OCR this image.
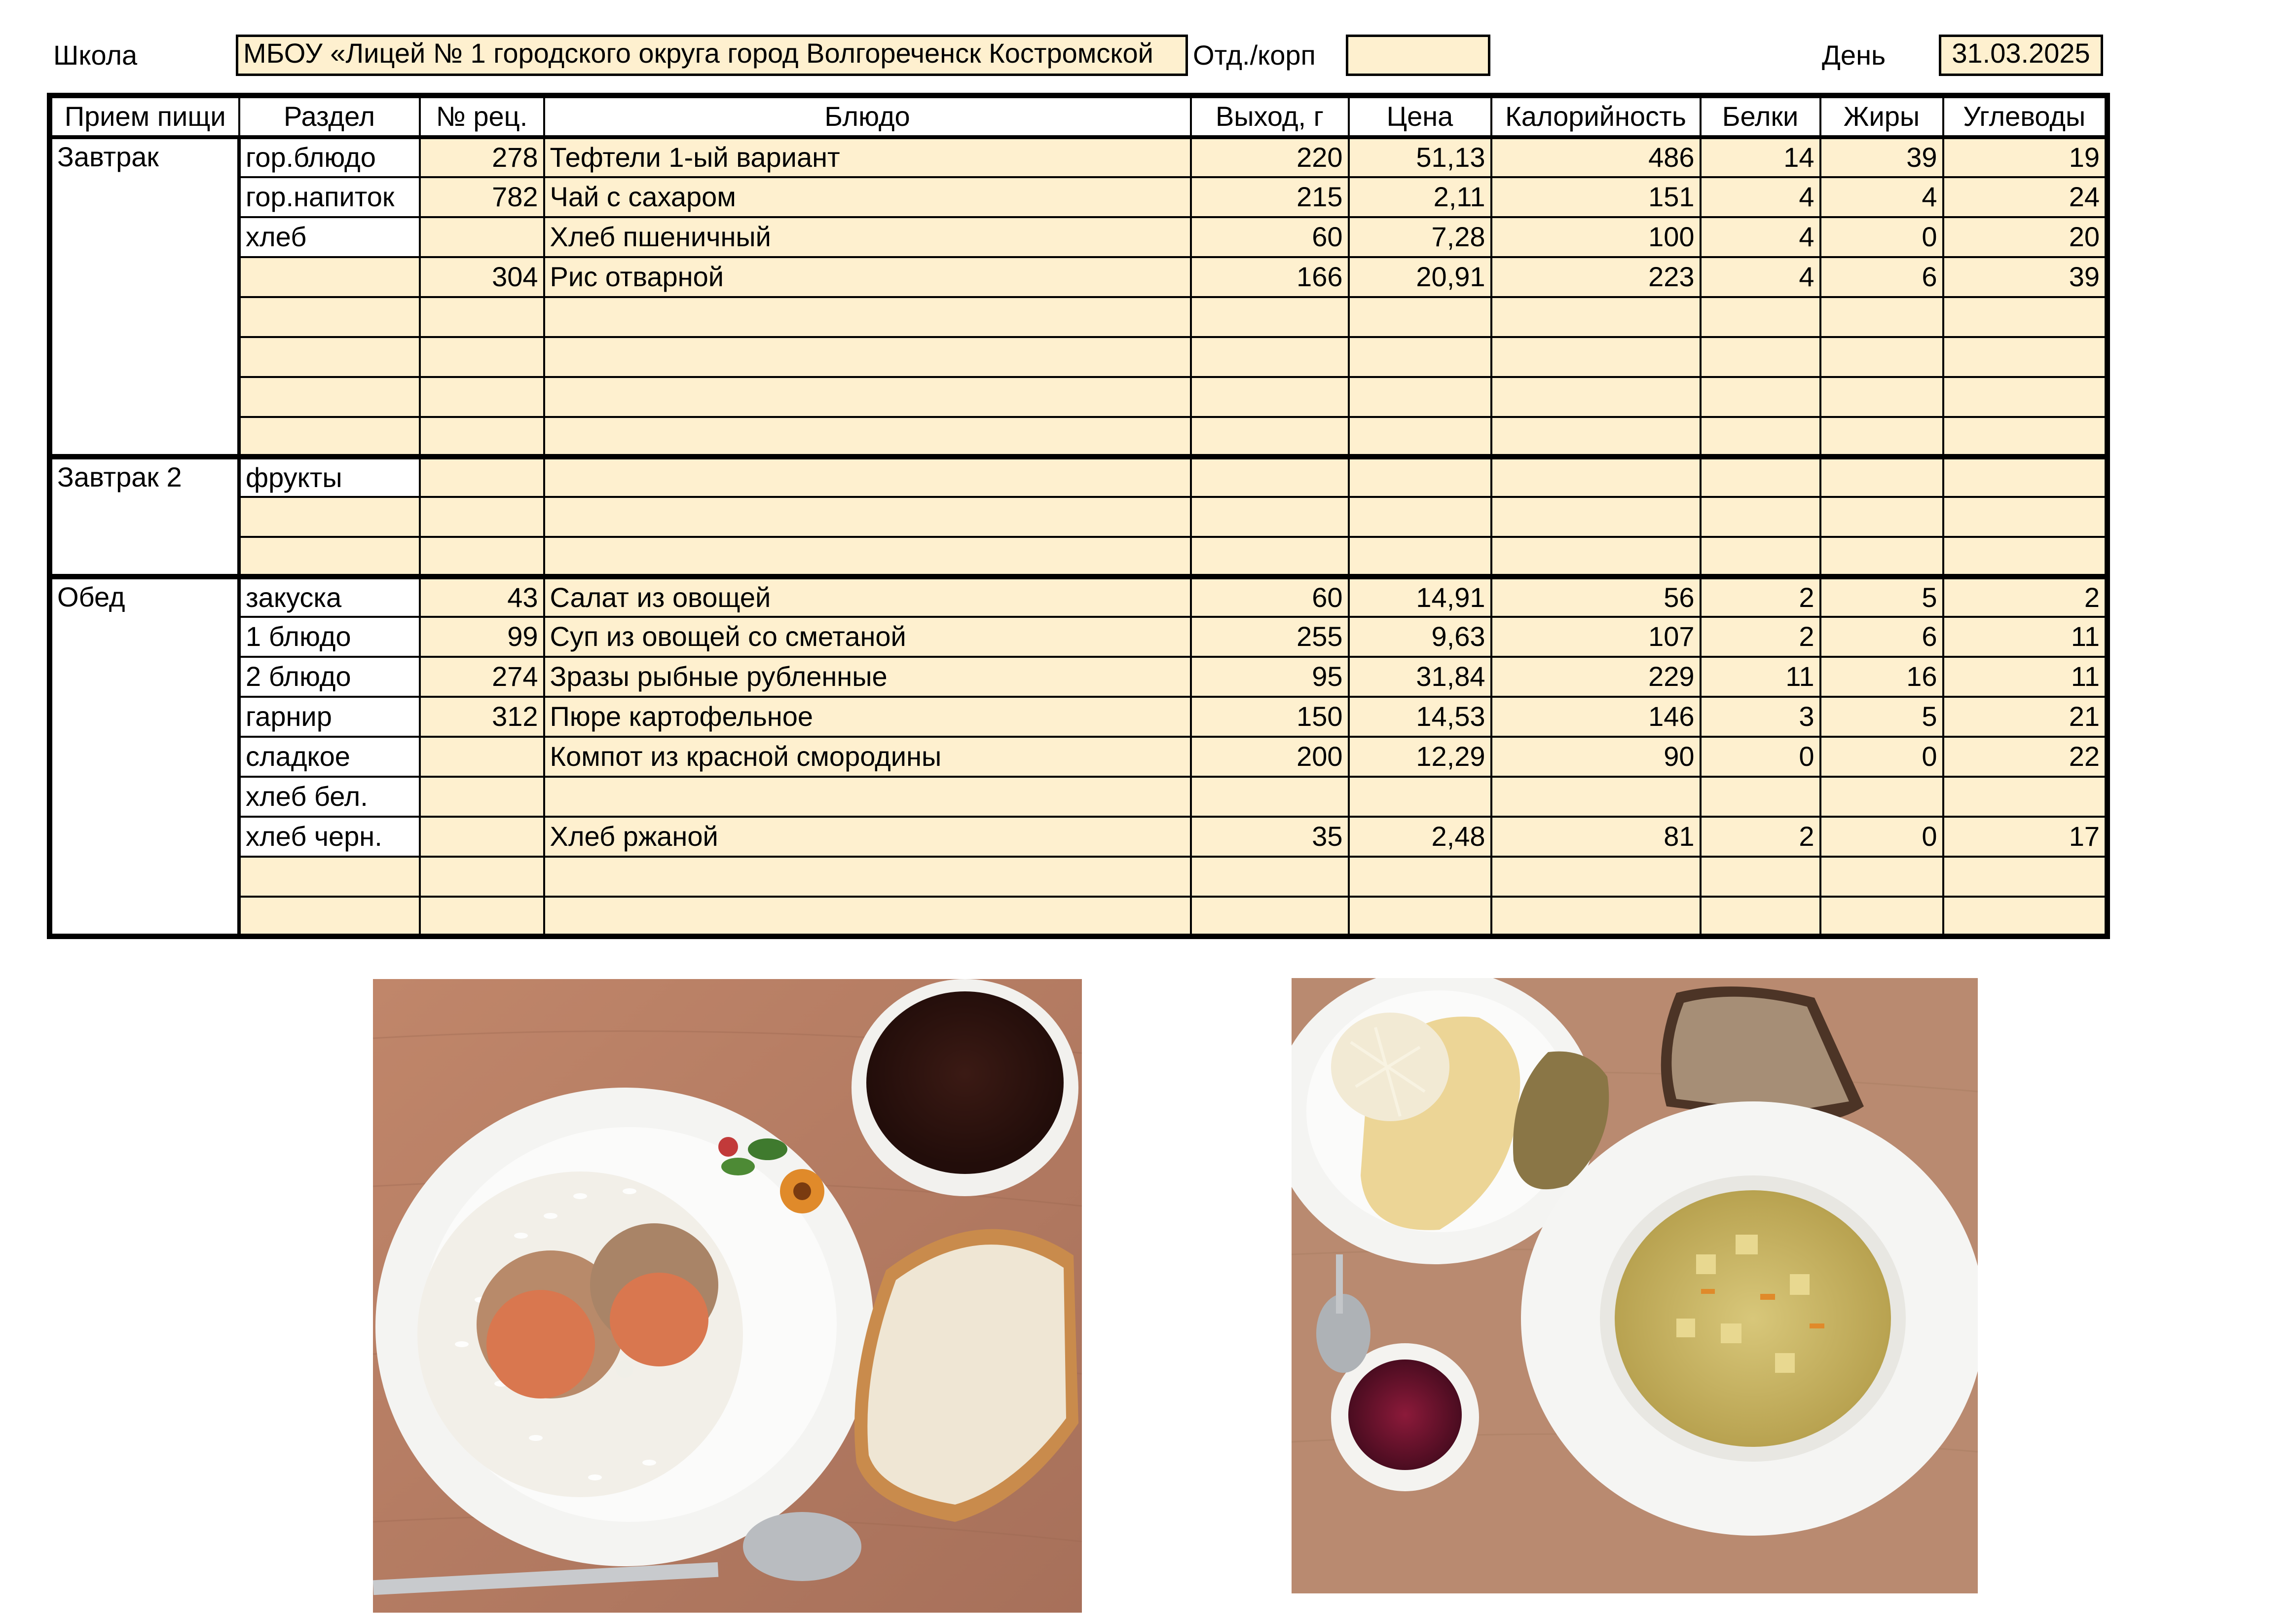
Школа	МБОУ «Лицей № 1 городского округа город Волгореченск Костромской	Отд./корп	День	31.03.2025
Прием пищи	Раздел	№ рец.	Блюдо	Выход, г	Цена	Калорийность	Белки	Жиры	Углеводы
Завтрак	гор.блюдо	278	Тефтели 1-ый вариант	220	51,13	486	14	39	19
	гор.напиток	782	Чай с сахаром	215	2,11	151	4	4	24
	хлеб		Хлеб пшеничный	60	7,28	100	4	0	20
		304	Рис отварной	166	20,91	223	4	6	39

Завтрак 2	фрукты								

Обед	закуска	43	Салат из овощей	60	14,91	56	2	5	2
	1 блюдо	99	Суп из овощей со сметаной	255	9,63	107	2	6	11
	2 блюдо	274	Зразы рыбные рубленные	95	31,84	229	11	16	11
	гарнир	312	Пюре картофельное	150	14,53	146	3	5	21
	сладкое		Компот из красной смородины	200	12,29	90	0	0	22
	хлеб бел.								
	хлеб черн.		Хлеб ржаной	35	2,48	81	2	0	17
